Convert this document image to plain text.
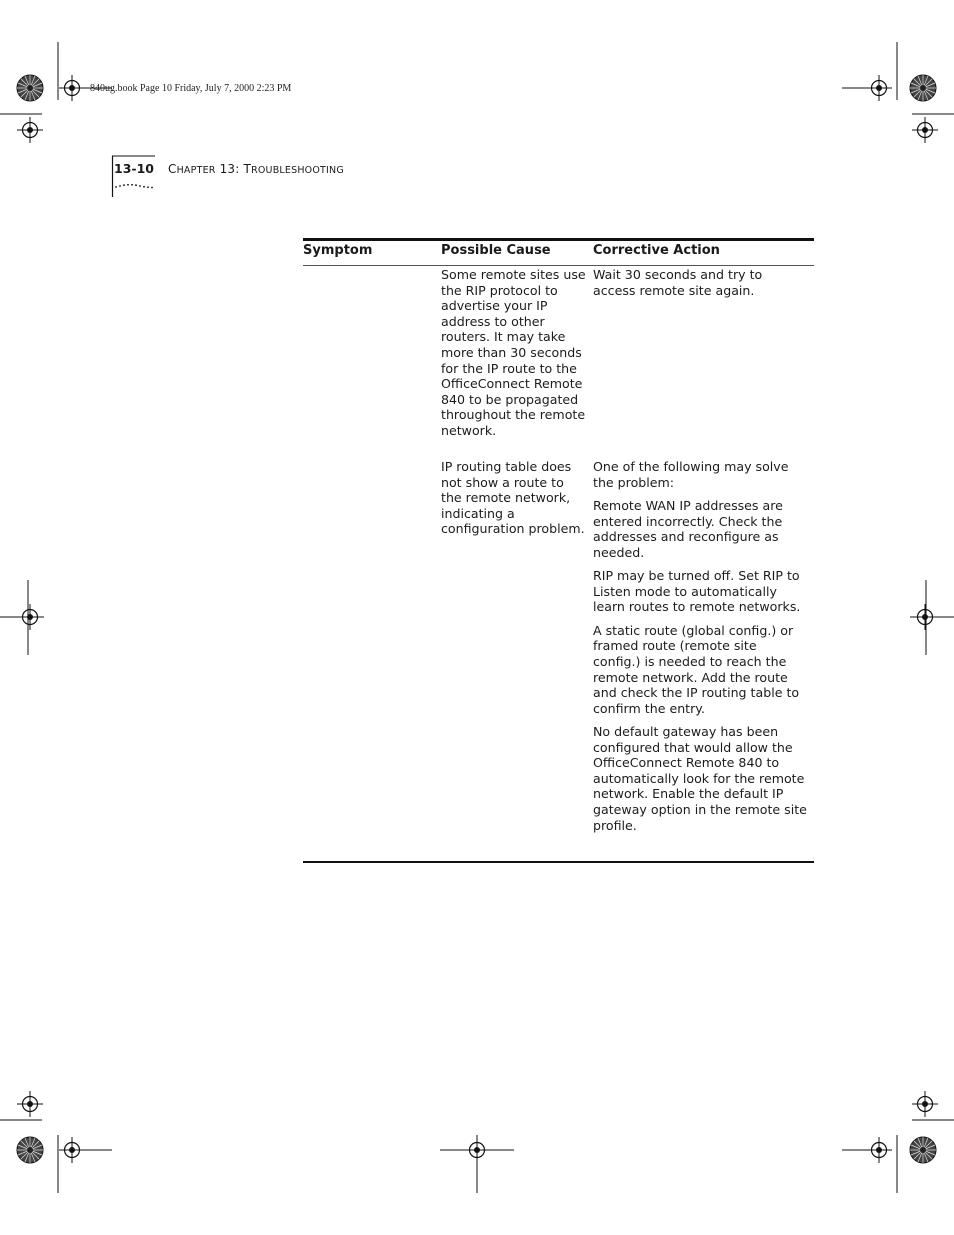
840ug.book Page 10 Friday, July 7, 2000 2:23 PM
13-10 CHAPTER 13: TROUBLESHOOTING
Symptom	Possible Cause	Corrective Action
Some remote sites use the RIP protocol to advertise your IP address to other routers. It may take more than 30 seconds for the IP route to the OfficeConnect Remote 840 to be propagated throughout the remote network.

Wait 30 seconds and try to access remote site again.

IP routing table does not show a route to the remote network, indicating a configuration problem.

One of the following may solve the problem:

Remote WAN IP addresses are entered incorrectly. Check the addresses and reconfigure as needed.

RIP may be turned off. Set RIP to Listen mode to automatically learn routes to remote networks.

A static route (global config.) or framed route (remote site config.) is needed to reach the remote network. Add the route and check the IP routing table to confirm the entry.

No default gateway has been configured that would allow the OfficeConnect Remote 840 to automatically look for the remote network. Enable the default IP gateway option in the remote site profile.
